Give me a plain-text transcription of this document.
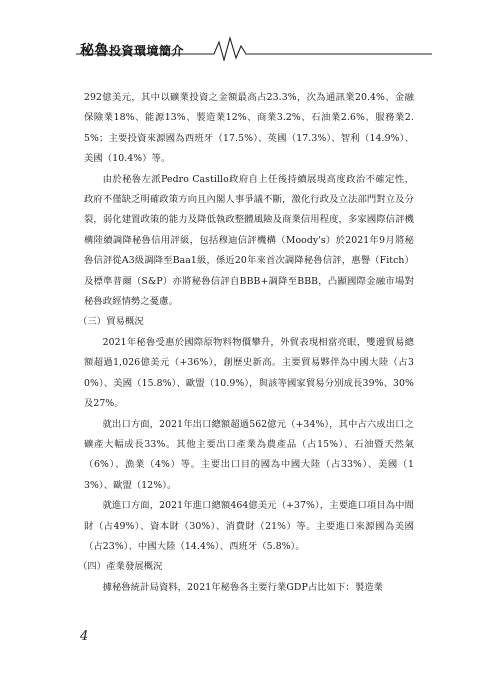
秘魯投資環境簡介

292億美元，其中以礦業投資之金額最高占23.3%，次為通訊業20.4%、金融保險業18%、能源13%、製造業12%、商業3.2%、石油業2.6%、服務業2.5%；主要投資來源國為西班牙（17.5%）、英國（17.3%）、智利（14.9%）、美國（10.4%）等。

由於秘魯左派Pedro Castillo政府自上任後持續展現高度政治不確定性，政府不僅缺乏明確政策方向且內閣人事爭議不斷，激化行政及立法部門對立及分裂，弱化建置政策的能力及降低執政整體風險及商業信用程度，多家國際信評機構陸續調降秘魯信用評級，包括穆迪信評機構（Moody's）於2021年9月將秘魯信評從A3級調降至Baa1級，係近20年來首次調降秘魯信評，惠譽（Fitch）及標準普爾（S&P）亦將秘魯信評自BBB+調降至BBB，凸顯國際金融市場對秘魯政經情勢之憂慮。

（三）貿易概況

2021年秘魯受惠於國際原物料物價攀升，外貿表現相當亮眼，雙邊貿易總額超過1,026億美元（+36%），創歷史新高。主要貿易夥伴為中國大陸（占30%）、美國（15.8%）、歐盟（10.9%），與該等國家貿易分別成長39%、30%及27%。

就出口方面，2021年出口總額超過562億元（+34%），其中占六成出口之礦產大幅成長33%。其他主要出口產業為農產品（占15%）、石油暨天然氣（6%）、漁業（4%）等。主要出口目的國為中國大陸（占33%）、美國（13%）、歐盟（12%）。

就進口方面，2021年進口總額464億美元（+37%），主要進口項目為中間財（占49%）、資本財（30%）、消費財（21%）等。主要進口來源國為美國（占23%）、中國大陸（14.4%）、西班牙（5.8%）。

（四）產業發展概況

據秘魯統計局資料，2021年秘魯各主要行業GDP占比如下：製造業

4
